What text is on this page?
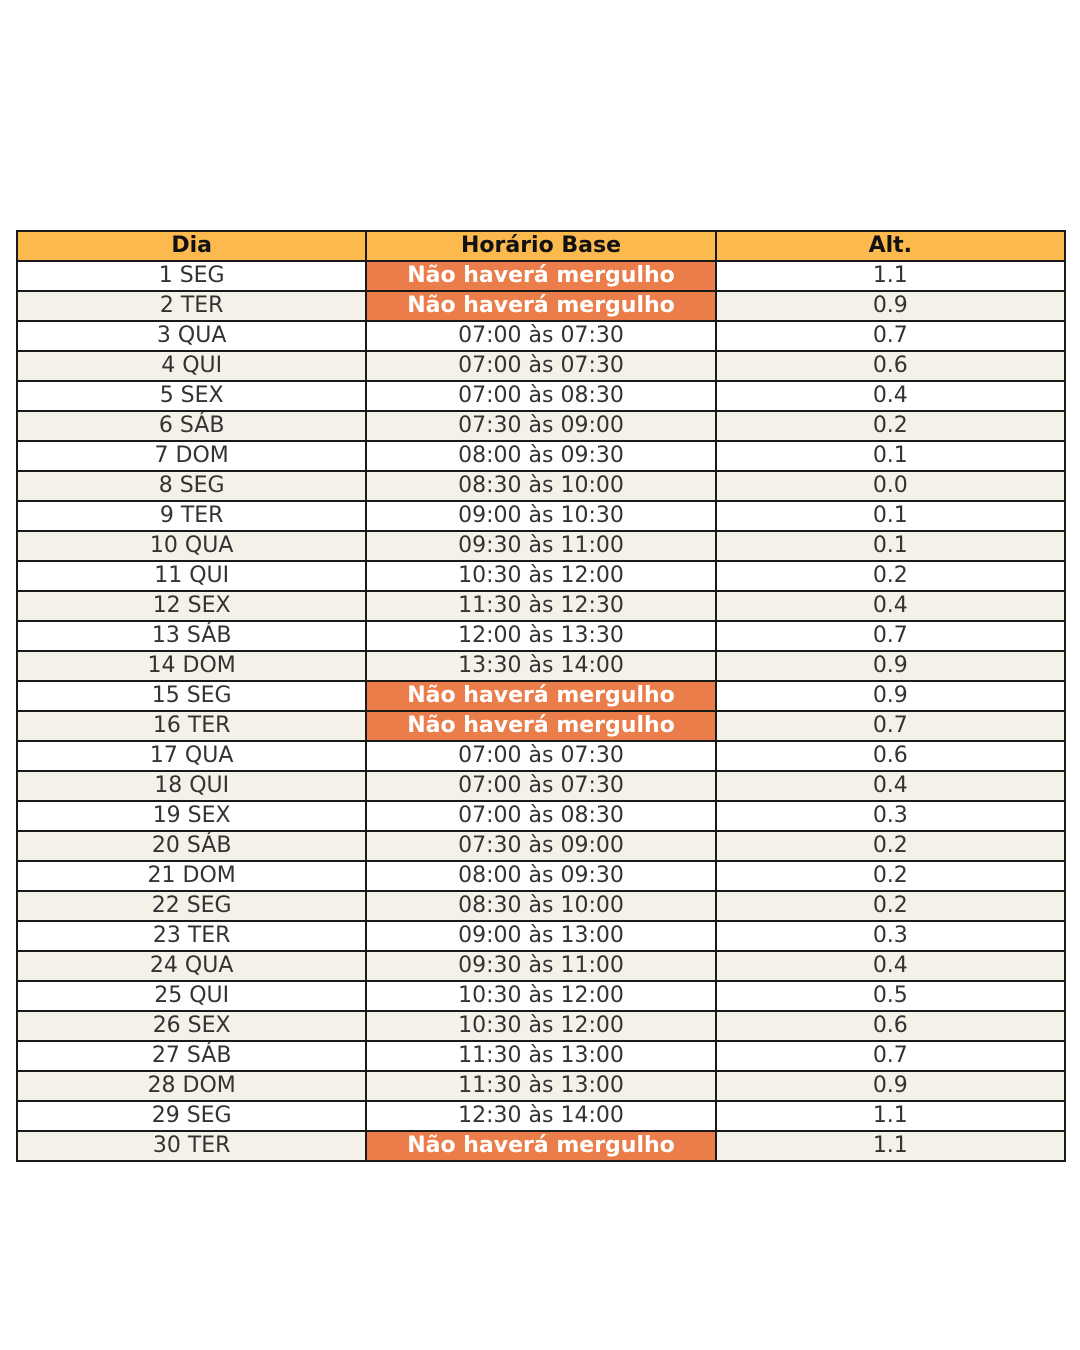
Dia	Horário Base	Alt.
1 SEG	Não haverá mergulho	1.1
2 TER	Não haverá mergulho	0.9
3 QUA	07:00 às 07:30	0.7
4 QUI	07:00 às 07:30	0.6
5 SEX	07:00 às 08:30	0.4
6 SÁB	07:30 às 09:00	0.2
7 DOM	08:00 às 09:30	0.1
8 SEG	08:30 às 10:00	0.0
9 TER	09:00 às 10:30	0.1
10 QUA	09:30 às 11:00	0.1
11 QUI	10:30 às 12:00	0.2
12 SEX	11:30 às 12:30	0.4
13 SÁB	12:00 às 13:30	0.7
14 DOM	13:30 às 14:00	0.9
15 SEG	Não haverá mergulho	0.9
16 TER	Não haverá mergulho	0.7
17 QUA	07:00 às 07:30	0.6
18 QUI	07:00 às 07:30	0.4
19 SEX	07:00 às 08:30	0.3
20 SÁB	07:30 às 09:00	0.2
21 DOM	08:00 às 09:30	0.2
22 SEG	08:30 às 10:00	0.2
23 TER	09:00 às 13:00	0.3
24 QUA	09:30 às 11:00	0.4
25 QUI	10:30 às 12:00	0.5
26 SEX	10:30 às 12:00	0.6
27 SÁB	11:30 às 13:00	0.7
28 DOM	11:30 às 13:00	0.9
29 SEG	12:30 às 14:00	1.1
30 TER	Não haverá mergulho	1.1
